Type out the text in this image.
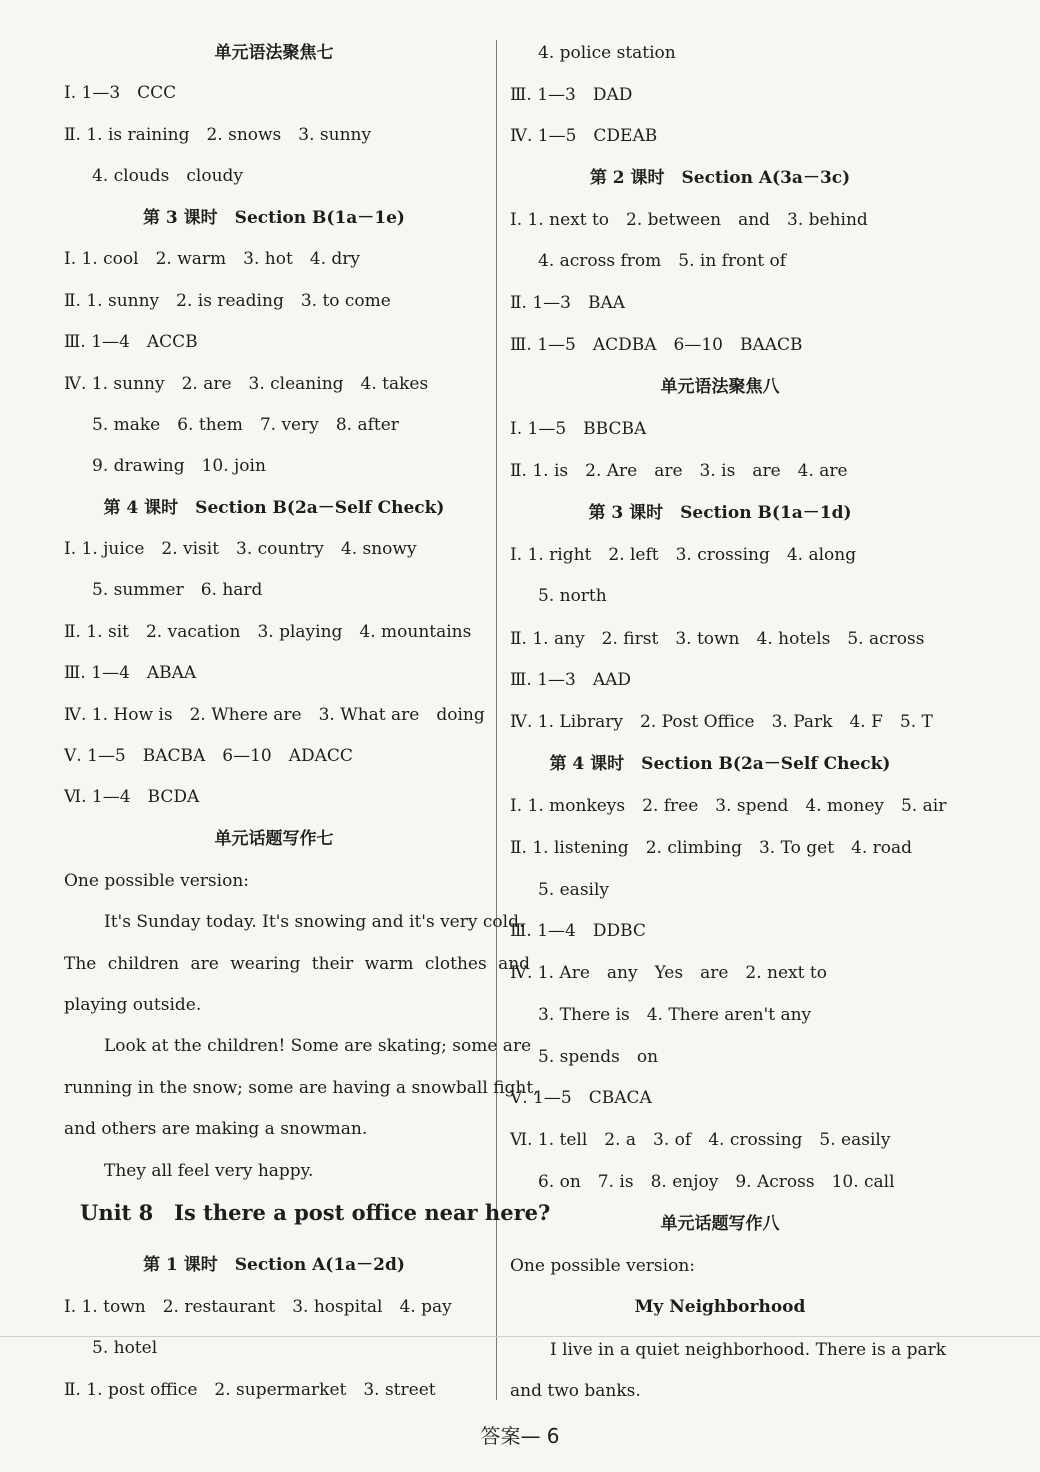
单元语法聚焦七
Ⅰ. 1—3　CCC
Ⅱ. 1. is raining　2. snows　3. sunny
4. clouds　cloudy
第 3 课时　Section B(1a－1e)
Ⅰ. 1. cool　2. warm　3. hot　4. dry
Ⅱ. 1. sunny　2. is reading　3. to come
Ⅲ. 1—4　ACCB
Ⅳ. 1. sunny　2. are　3. cleaning　4. takes
5. make　6. them　7. very　8. after
9. drawing　10. join
第 4 课时　Section B(2a－Self Check)
Ⅰ. 1. juice　2. visit　3. country　4. snowy
5. summer　6. hard
Ⅱ. 1. sit　2. vacation　3. playing　4. mountains
Ⅲ. 1—4　ABAA
Ⅳ. 1. How is　2. Where are　3. What are　doing
Ⅴ. 1—5　BACBA　6—10　ADACC
Ⅵ. 1—4　BCDA
单元话题写作七
One possible version:
It's Sunday today. It's snowing and it's very cold.
The children are wearing their warm clothes and
playing outside.
Look at the children! Some are skating; some are
running in the snow; some are having a snowball fight,
and others are making a snowman.
They all feel very happy.
Unit 8　Is there a post office near here?
第 1 课时　Section A(1a－2d)
Ⅰ. 1. town　2. restaurant　3. hospital　4. pay
5. hotel
Ⅱ. 1. post office　2. supermarket　3. street
4. police station
Ⅲ. 1—3　DAD
Ⅳ. 1—5　CDEAB
第 2 课时　Section A(3a－3c)
Ⅰ. 1. next to　2. between　and　3. behind
4. across from　5. in front of
Ⅱ. 1—3　BAA
Ⅲ. 1—5　ACDBA　6—10　BAACB
单元语法聚焦八
Ⅰ. 1—5　BBCBA
Ⅱ. 1. is　2. Are　are　3. is　are　4. are
第 3 课时　Section B(1a－1d)
Ⅰ. 1. right　2. left　3. crossing　4. along
5. north
Ⅱ. 1. any　2. first　3. town　4. hotels　5. across
Ⅲ. 1—3　AAD
Ⅳ. 1. Library　2. Post Office　3. Park　4. F　5. T
第 4 课时　Section B(2a－Self Check)
Ⅰ. 1. monkeys　2. free　3. spend　4. money　5. air
Ⅱ. 1. listening　2. climbing　3. To get　4. road
5. easily
Ⅲ. 1—4　DDBC
Ⅳ. 1. Are　any　Yes　are　2. next to
3. There is　4. There aren't any
5. spends　on
Ⅴ. 1—5　CBACA
Ⅵ. 1. tell　2. a　3. of　4. crossing　5. easily
6. on　7. is　8. enjoy　9. Across　10. call
单元话题写作八
One possible version:
My Neighborhood
I live in a quiet neighborhood. There is a park
and two banks.
答案— 6
